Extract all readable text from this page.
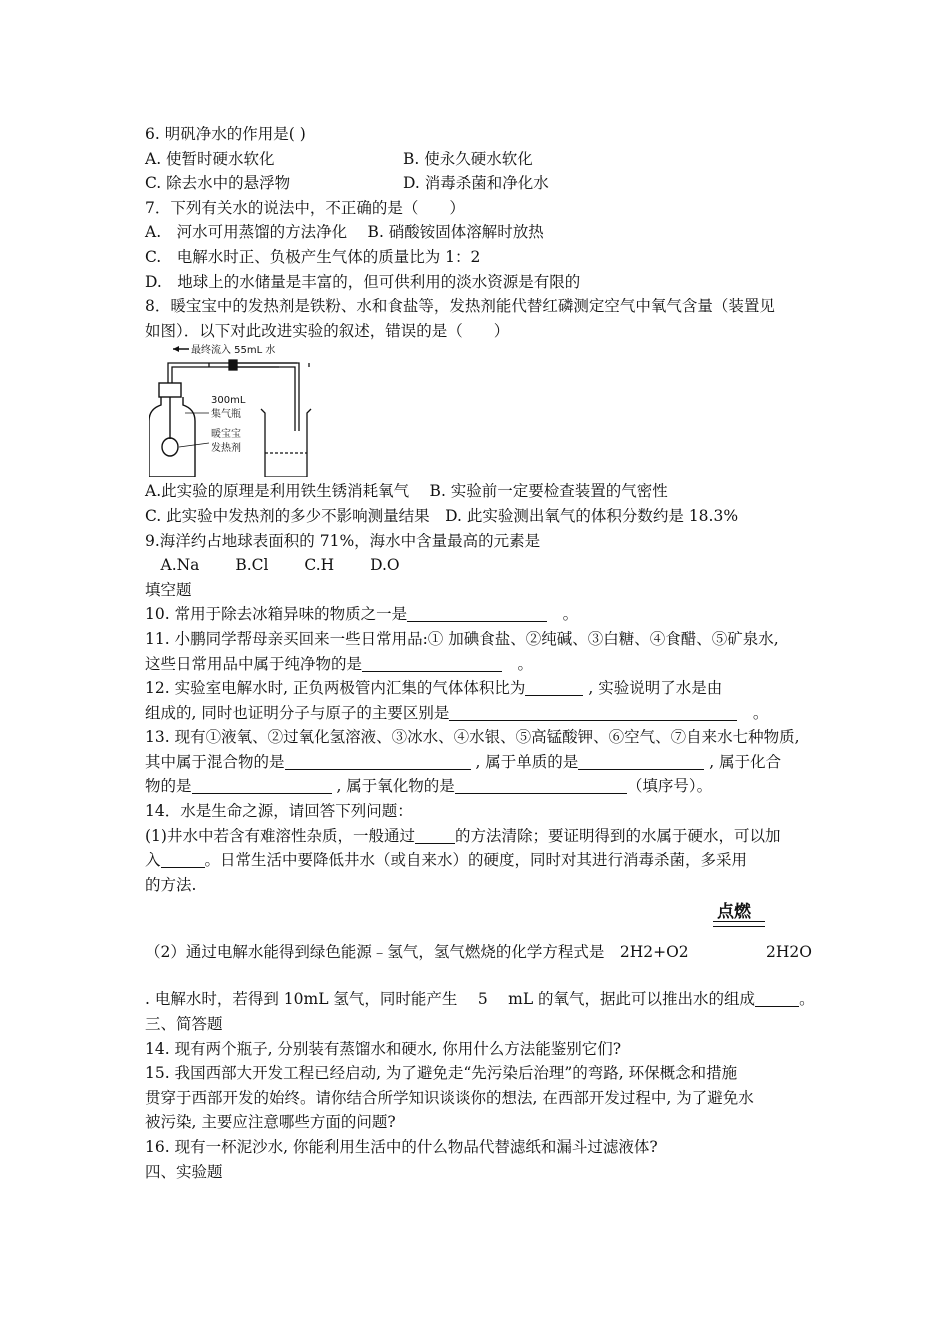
6. 明矾净水的作用是( )
A. 使暂时硬水软化	B. 使永久硬水软化
C. 除去水中的悬浮物	D. 消毒杀菌和净化水
7．下列有关水的说法中，不正确的是（　　）
A.　河水可用蒸馏的方法净化　 B. 硝酸铵固体溶解时放热
C.　电解水时正、负极产生气体的质量比为 1：2
D.　地球上的水储量是丰富的，但可供利用的淡水资源是有限的
8．暖宝宝中的发热剂是铁粉、水和食盐等，发热剂能代替红磷测定空气中氧气含量（装置见
如图）．以下对此改进实验的叙述，错误的是（　　）
最终流入 55mL 水
300mL
集气瓶
暖宝宝
发热剂
A.此实验的原理是利用铁生锈消耗氧气　 B. 实验前一定要检查装置的气密性
C. 此实验中发热剂的多少不影响测量结果　D. 此实验测出氧气的体积分数约是 18.3%
9.海洋约占地球表面积的 71%，海水中含量最高的元素是
　A.Na　　 B.Cl　　 C.H　　 D.O
填空题
10. 常用于除去冰箱异味的物质之一是	　。
11. 小鹏同学帮母亲买回来一些日常用品:① 加碘食盐、②纯碱、③白糖、④食醋、⑤矿泉水,
这些日常用品中属于纯净物的是	　。
12. 实验室电解水时, 正负两极管内汇集的气体体积比为	, 实验说明了水是由
组成的, 同时也证明分子与原子的主要区别是	　。
13. 现有①液氧、②过氧化氢溶液、③冰水、④水银、⑤高锰酸钾、⑥空气、⑦自来水七种物质,
其中属于混合物的是	, 属于单质的是	, 属于化合
物的是	, 属于氧化物的是	（填序号）。
14．水是生命之源，请回答下列问题：
(1)井水中若含有难溶性杂质，一般通过	的方法清除；要证明得到的水属于硬水，可以加
入	。日常生活中要降低井水（或自来水）的硬度，同时对其进行消毒杀菌，多采用
的方法.
点燃
（2）通过电解水能得到绿色能源﹣氢气，氢气燃烧的化学方程式是　2H2+O2	2H2O
. 电解水时，若得到 10mL 氢气，同时能产生　 5　 mL 的氧气，据此可以推出水的组成	。
三、简答题
14. 现有两个瓶子, 分别装有蒸馏水和硬水, 你用什么方法能鉴别它们?
15. 我国西部大开发工程已经启动, 为了避免走“先污染后治理”的弯路, 环保概念和措施
贯穿于西部开发的始终。请你结合所学知识谈谈你的想法, 在西部开发过程中, 为了避免水
被污染, 主要应注意哪些方面的问题?
16. 现有一杯泥沙水, 你能利用生活中的什么物品代替滤纸和漏斗过滤液体?
四、实验题
